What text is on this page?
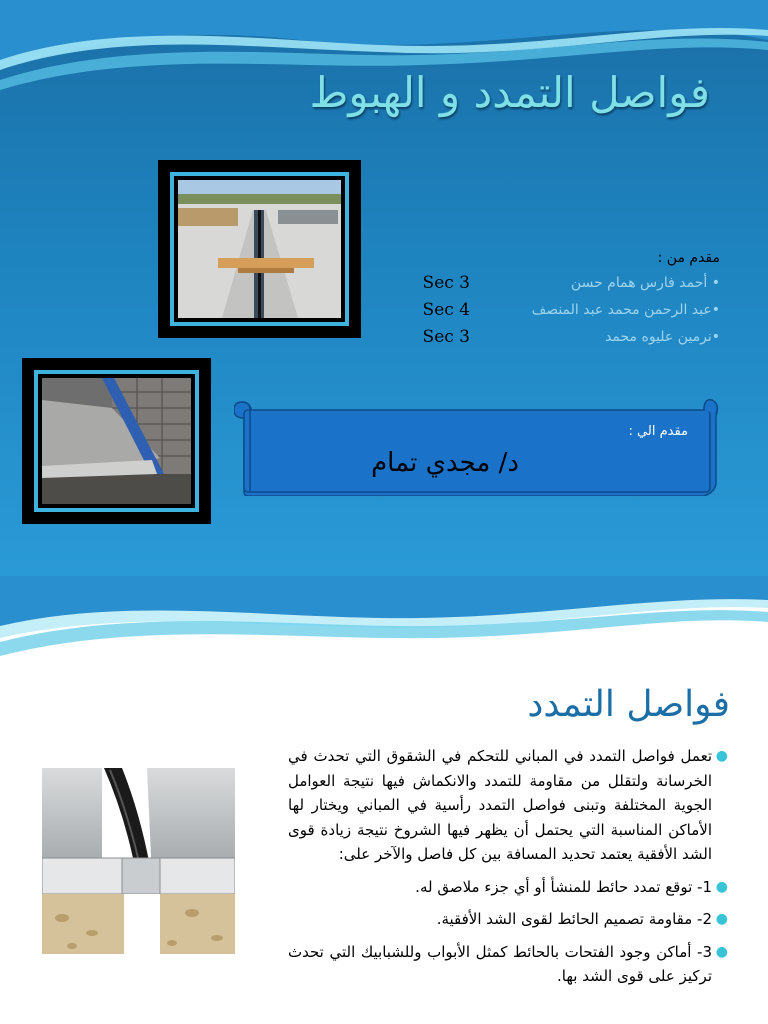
فواصل التمدد و الهبوط
مقدم من :
• أحمد فارس همام حسن
Sec 3
•عبد الرحمن محمد عبد المنصف
Sec 4
•نرمين عليوه محمد
Sec 3
مقدم الي :
د/ مجدي تمام
فواصل التمدد

●
تعمل فواصل التمدد في المباني للتحكم في الشقوق التي تحدث في الخرسانة ولتقلل من مقاومة للتمدد والانكماش فيها نتيجة العوامل الجوية المختلفة وتبنى فواصل التمدد رأسية في المباني ويختار لها الأماكن المناسبة التي يحتمل أن يظهر فيها الشروخ نتيجة زيادة قوى الشد الأفقية يعتمد تحديد المسافة بين كل فاصل والآخر على:

●
1- توقع تمدد حائط للمنشأ أو أي جزء ملاصق له.

●
2- مقاومة تصميم الحائط لقوى الشد الأفقية.

●
3- أماكن وجود الفتحات بالحائط كمثل الأبواب وللشبابيك التي تحدث تركيز على قوى الشد بها.
